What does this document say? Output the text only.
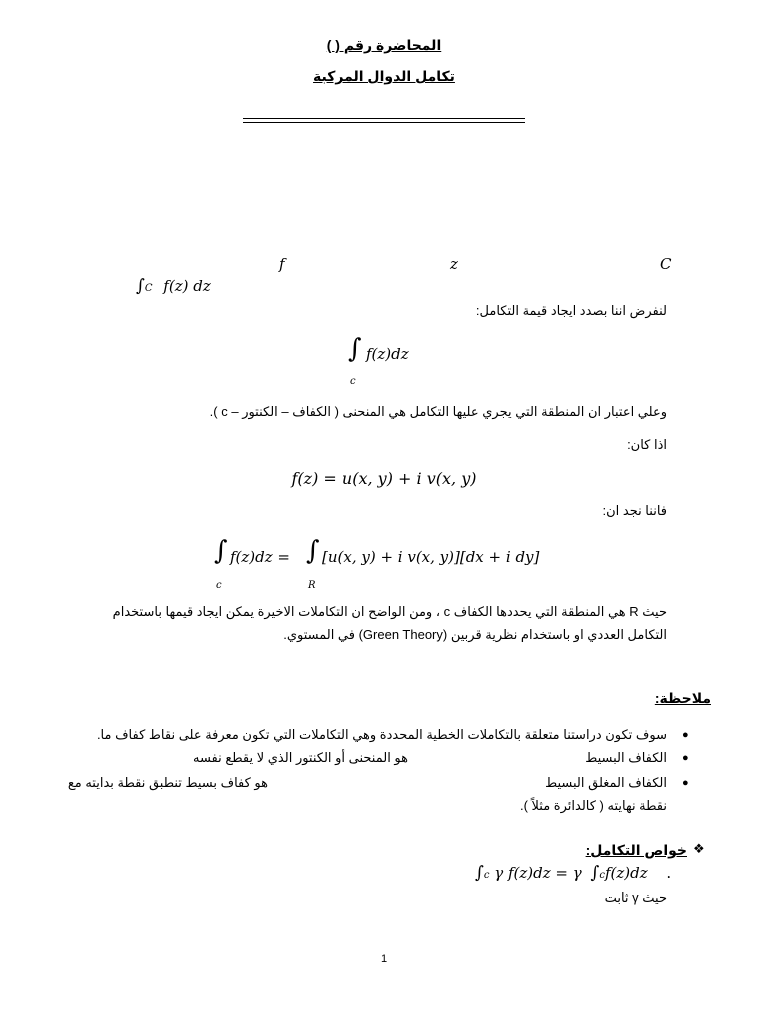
المحاضرة رقم ( )
تكامل الدوال المركبة
f	z	C
∫C f(z) dz
لنفرض اننا بصدد ايجاد قيمة التكامل:
∫ f(z)dz
c
وعلي اعتبار ان المنطقة التي يجري عليها التكامل هي المنحنى ( الكفاف – الكنتور – c ).
اذا كان:
f(z) = u(x, y) + i v(x, y)
فاننا نجد ان:
∫ f(z)dz =
c
∫ [u(x, y) + i v(x, y)][dx + i dy]
R
حيث R هي المنطقة التي يحددها الكفاف c ، ومن الواضح ان التكاملات الاخيرة يمكن ايجاد قيمها باستخدام
التكامل العددي او باستخدام نظرية قربين (Green Theory) في المستوي.
ملاحظة:
●
سوف تكون دراستنا متعلقة بالتكاملات الخطية المحددة وهي التكاملات التي تكون معرفة على نقاط كفاف ما.
●
الكفاف البسيط
هو المنحنى أو الكنتور الذي لا يقطع نفسه
●
الكفاف المغلق البسيط
هو كفاف بسيط تنطبق نقطة بدايته مع
نقطة نهايته ( كالدائرة مثلاً ).
❖
خواص التكامل:
∫c γ f(z)dz = γ ∫cf(z)dz .
حيث γ ثابت
1
